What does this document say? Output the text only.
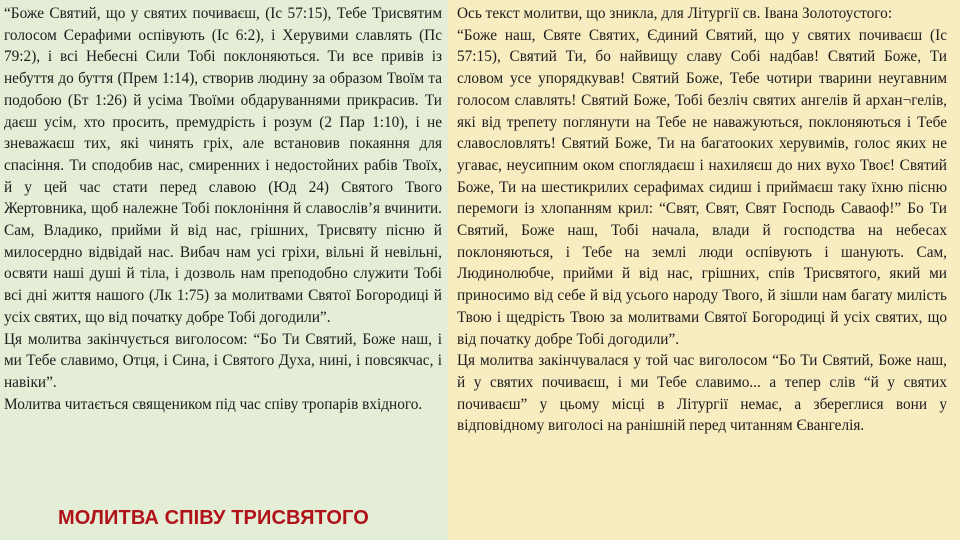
“Боже Святий, що у святих почиваєш, (Іс 57:15), Тебе Трисвятим голосом Серафими оспівують (Іс 6:2), і Херувими славлять (Пс 79:2), і всі Небесні Сили Тобі поклоняються. Ти все привів із небуття до буття (Прем 1:14), створив людину за образом Твоїм та подобою (Бт 1:26) й усіма Твоїми обдаруваннями прикрасив. Ти даєш усім, хто просить, премудрість і розум (2 Пар 1:10), і не зневажаєш тих, які чинять гріх, але встановив покаяння для спасіння. Ти сподобив нас, смиренних і недостойних рабів Твоїх, й у цей час стати перед славою (Юд 24) Святого Твого Жертовника, щоб належне Тобі поклоніння й славослів’я вчинити. Сам, Владико, прийми й від нас, грішних, Трисвяту пісню й милосердно відвідай нас. Вибач нам усі гріхи, вільні й невільні, освяти наші душі й тіла, і дозволь нам преподобно служити Тобі всі дні життя нашого (Лк 1:75) за молитвами Святої Богородиці й усіх святих, що від початку добре Тобі догодили”.

Ця молитва закінчується виголосом: “Бо Ти Святий, Боже наш, і ми Тебе славимо, Отця, і Сина, і Святого Духа, нині, і повсякчас, і навіки”.

Молитва читається священиком під час співу тропарів вхідного.

МОЛИТВА СПІВУ ТРИСВЯТОГО

Ось текст молитви, що зникла, для Літургії св. Івана Золотоустого:

“Боже наш, Святе Святих, Єдиний Святий, що у святих почиваєш (Іс 57:15), Святий Ти, бо найвищу славу Собі надбав! Святий Боже, Ти словом усе упорядкував! Святий Боже, Тебе чотири тварини неугавним голосом славлять! Святий Боже, Тобі безліч святих ангелів й архан¬гелів, які від трепету поглянути на Тебе не наважуються, поклоняються і Тебе славословлять! Святий Боже, Ти на багатооких херувимів, голос яких не угаває, неусипним оком споглядаєш і нахиляєш до них вухо Твоє! Святий Боже, Ти на шестикрилих серафимах сидиш і приймаєш таку їхню пісню перемоги із хлопанням крил: “Свят, Свят, Свят Господь Саваоф!” Бо Ти Святий, Боже наш, Тобі начала, влади й господства на небесах поклоняються, і Тебе на землі люди оспівують і шанують. Сам, Людинолюбче, прийми й від нас, грішних, спів Трисвятого, який ми приносимо від себе й від усього народу Твого, й зішли нам багату милість Твою і щедрість Твою за молитвами Святої Богородиці й усіх святих, що від початку добре Тобі догодили”.

Ця молитва закінчувалася у той час виголосом “Бо Ти Святий, Боже наш, й у святих почиваєш, і ми Тебе славимо... а тепер слів “й у святих почиваєш” у цьому місці в Літургії немає, а збереглися вони у відповідному виголосі на ранішній перед читанням Євангелія.
